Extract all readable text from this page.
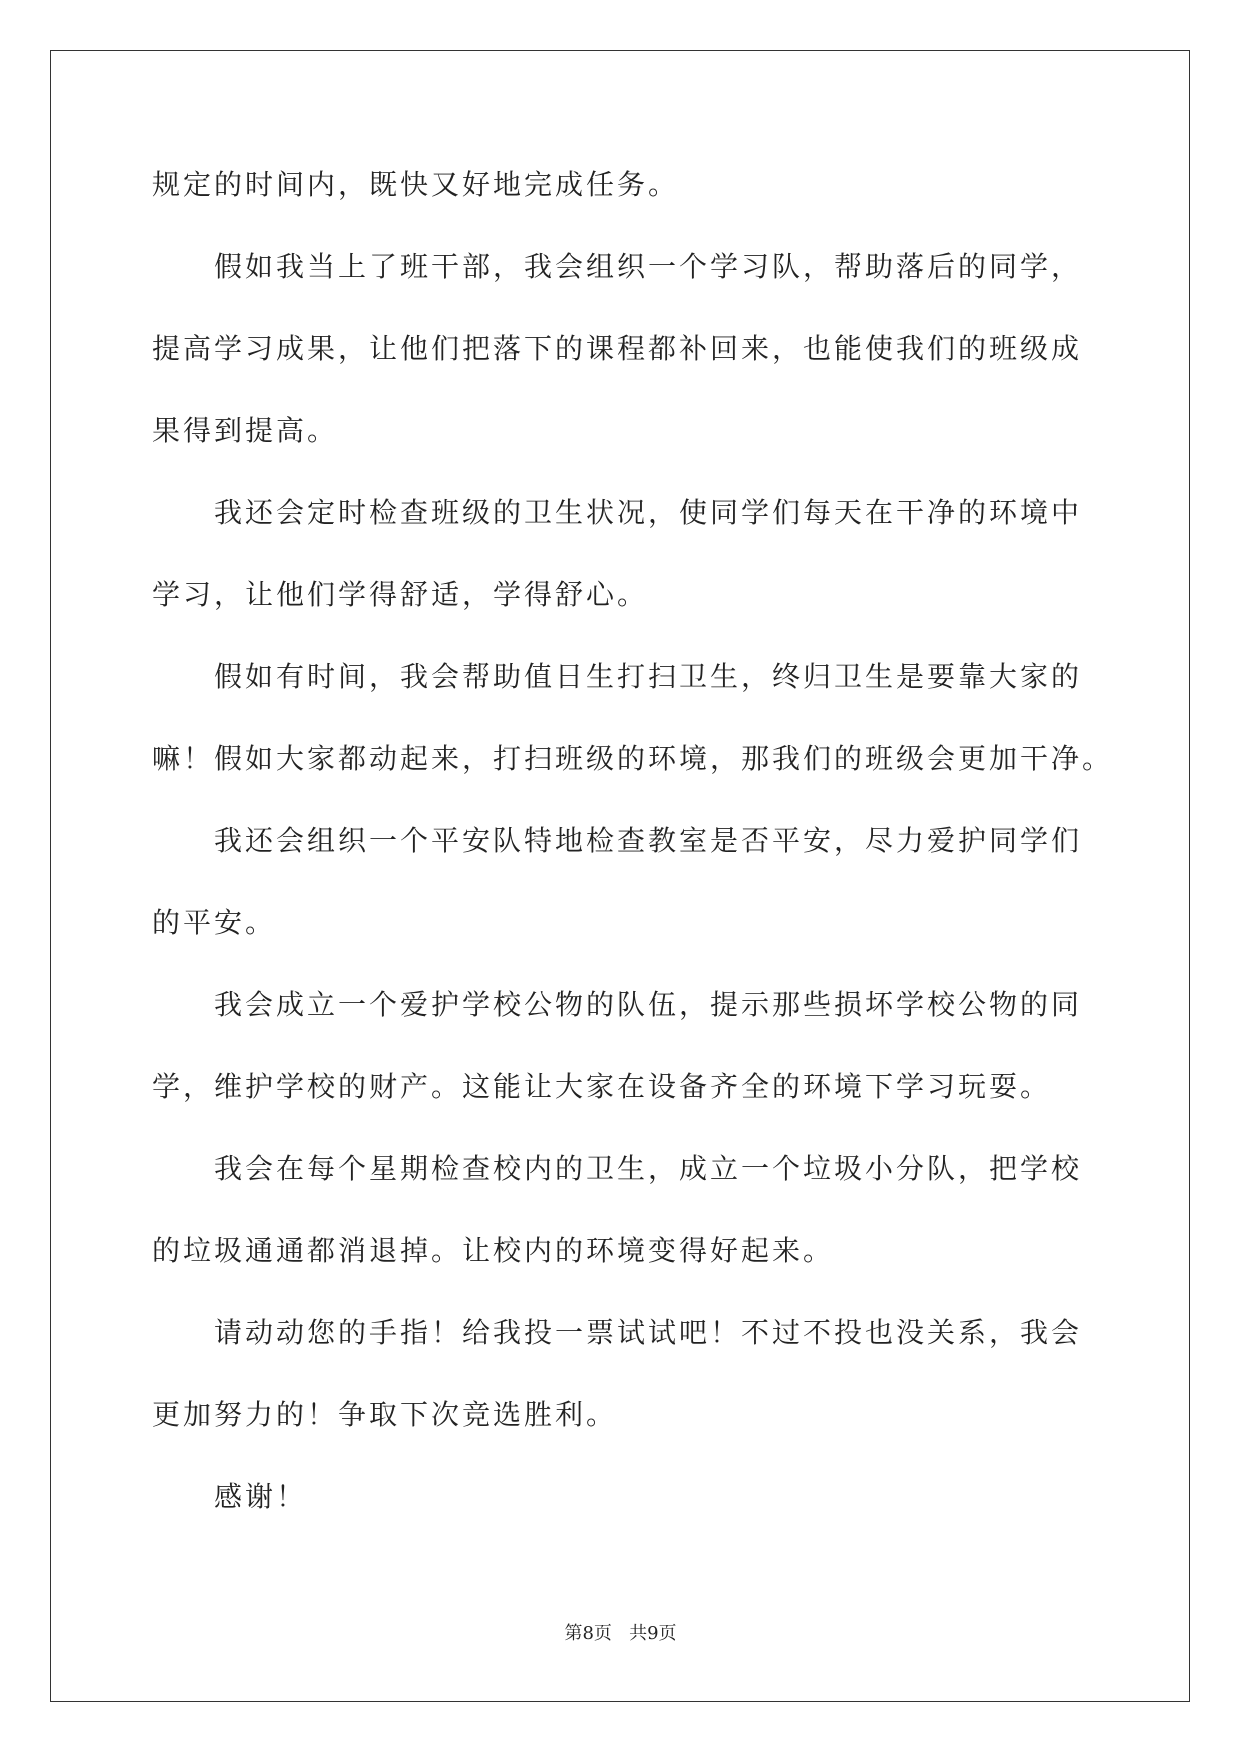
规定的时间内，既快又好地完成任务。
假如我当上了班干部，我会组织一个学习队，帮助落后的同学，
提高学习成果，让他们把落下的课程都补回来，也能使我们的班级成
果得到提高。
我还会定时检查班级的卫生状况，使同学们每天在干净的环境中
学习，让他们学得舒适，学得舒心。
假如有时间，我会帮助值日生打扫卫生，终归卫生是要靠大家的
嘛！假如大家都动起来，打扫班级的环境，那我们的班级会更加干净。
我还会组织一个平安队特地检查教室是否平安，尽力爱护同学们
的平安。
我会成立一个爱护学校公物的队伍，提示那些损坏学校公物的同
学，维护学校的财产。这能让大家在设备齐全的环境下学习玩耍。
我会在每个星期检查校内的卫生，成立一个垃圾小分队，把学校
的垃圾通通都消退掉。让校内的环境变得好起来。
请动动您的手指！给我投一票试试吧！不过不投也没关系，我会
更加努力的！争取下次竞选胜利。
感谢！
第8页 共9页
